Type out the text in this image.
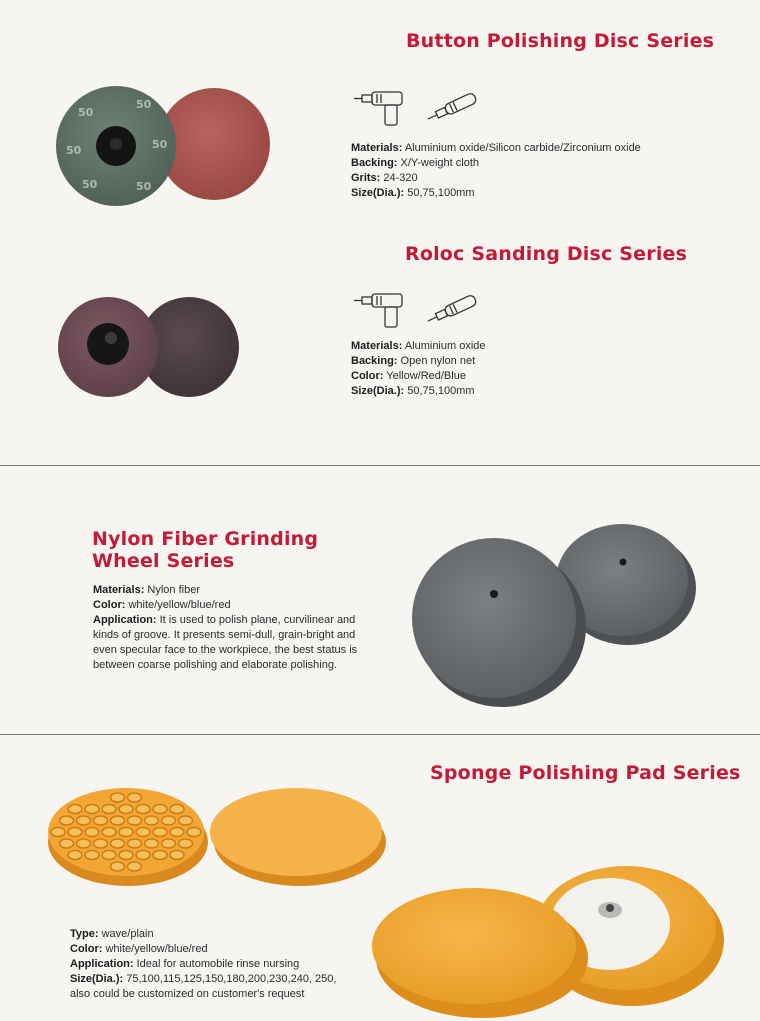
Button Polishing Disc Series
50
50
50	50
50	50
Materials: Aluminium oxide/Silicon carbide/Zirconium oxide
Backing: X/Y-weight cloth
Grits: 24-320
Size(Dia.): 50,75,100mm
Roloc Sanding Disc Series
Materials: Aluminium oxide
Backing: Open nylon net
Color: Yellow/Red/Blue
Size(Dia.): 50,75,100mm
Nylon Fiber Grinding
Wheel Series
Materials: Nylon fiber
Color: white/yellow/blue/red
Application: It is used to polish plane, curvilinear and kinds of groove. It presents semi-dull, grain-bright and even specular face to the workpiece, the best status is between coarse polishing and elaborate polishing.
Sponge Polishing Pad Series
Type: wave/plain
Color: white/yellow/blue/red
Application: Ideal for automobile rinse nursing
Size(Dia.): 75,100,115,125,150,180,200,230,240, 250, also could be customized on customer's request
